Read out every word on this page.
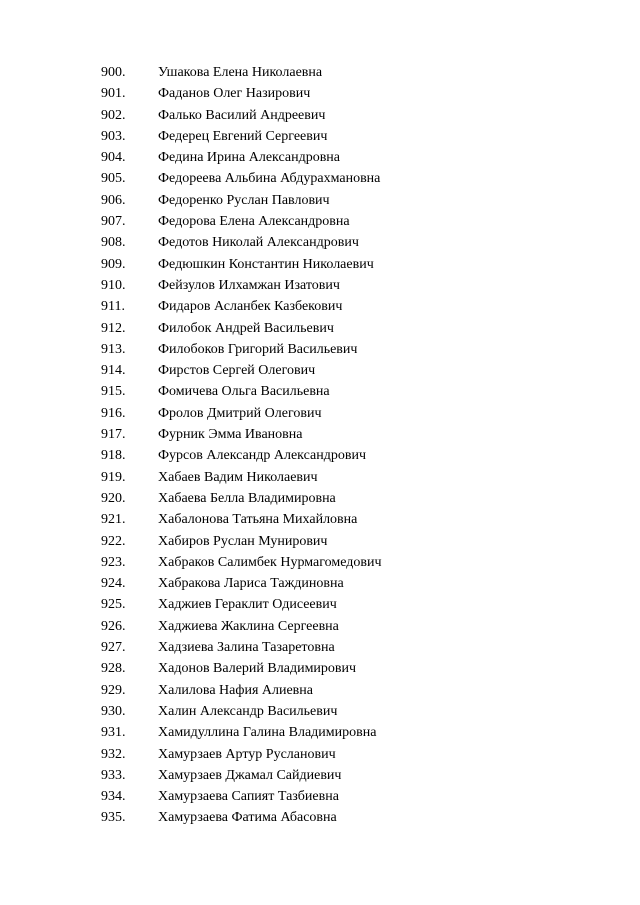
900.	Ушакова Елена Николаевна
901.	Фаданов Олег Назирович
902.	Фалько Василий Андреевич
903.	Федерец Евгений Сергеевич
904.	Федина Ирина Александровна
905.	Федореева Альбина Абдурахмановна
906.	Федоренко Руслан Павлович
907.	Федорова Елена Александровна
908.	Федотов Николай Александрович
909.	Федюшкин Константин Николаевич
910.	Фейзулов Илхамжан Изатович
911.	Фидаров Асланбек Казбекович
912.	Филобок Андрей Васильевич
913.	Филобоков Григорий Васильевич
914.	Фирстов Сергей Олегович
915.	Фомичева Ольга Васильевна
916.	Фролов Дмитрий Олегович
917.	Фурник Эмма Ивановна
918.	Фурсов Александр Александрович
919.	Хабаев Вадим Николаевич
920.	Хабаева Белла Владимировна
921.	Хабалонова Татьяна Михайловна
922.	Хабиров Руслан Мунирович
923.	Хабраков Салимбек Нурмагомедович
924.	Хабракова Лариса Таждиновна
925.	Хаджиев Гераклит Одисеевич
926.	Хаджиева Жаклина Сергеевна
927.	Хадзиева Залина Тазаретовна
928.	Хадонов Валерий Владимирович
929.	Халилова Нафия Алиевна
930.	Халин Александр Васильевич
931.	Хамидуллина Галина Владимировна
932.	Хамурзаев Артур Русланович
933.	Хамурзаев Джамал Сайдиевич
934.	Хамурзаева Сапият Тазбиевна
935.	Хамурзаева Фатима Абасовна
